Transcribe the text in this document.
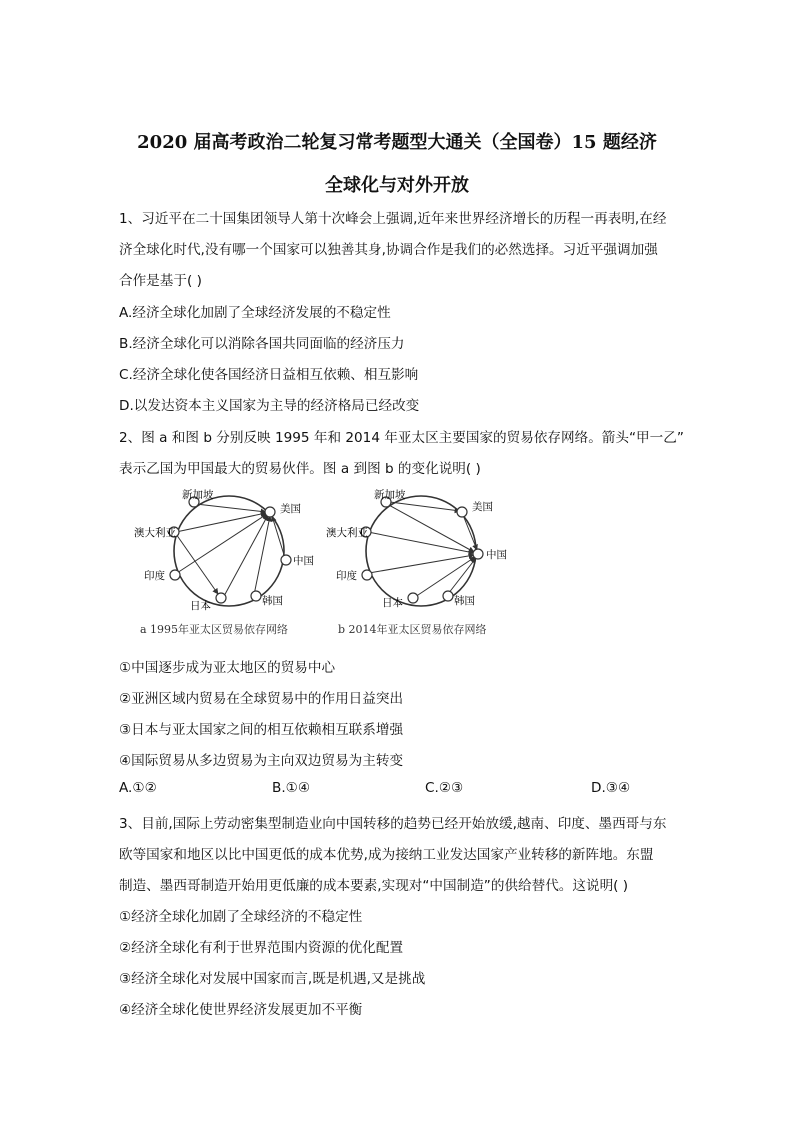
2020 届高考政治二轮复习常考题型大通关（全国卷）15 题经济
全球化与对外开放
1、习近平在二十国集团领导人第十次峰会上强调,近年来世界经济增长的历程一再表明,在经
济全球化时代,没有哪一个国家可以独善其身,协调合作是我们的必然选择。习近平强调加强
合作是基于( )
A.经济全球化加剧了全球经济发展的不稳定性
B.经济全球化可以消除各国共同面临的经济压力
C.经济全球化使各国经济日益相互依赖、相互影响
D.以发达资本主义国家为主导的经济格局已经改变
2、图 a 和图 b 分别反映 1995 年和 2014 年亚太区主要国家的贸易依存网络。箭头“甲一乙”
表示乙国为甲国最大的贸易伙伴。图 a 到图 b 的变化说明( )
新加坡
美国
澳大利亚
中国
印度
日本	韩国
新加坡
美国
澳大利亚
中国
印度
日本	韩国
a 1995年亚太区贸易依存网络	b 2014年亚太区贸易依存网络
①中国逐步成为亚太地区的贸易中心
②亚洲区域内贸易在全球贸易中的作用日益突出
③日本与亚太国家之间的相互依赖相互联系增强
④国际贸易从多边贸易为主向双边贸易为主转变
A.①②	B.①④	C.②③	D.③④
3、目前,国际上劳动密集型制造业向中国转移的趋势已经开始放缓,越南、印度、墨西哥与东
欧等国家和地区以比中国更低的成本优势,成为接纳工业发达国家产业转移的新阵地。东盟
制造、墨西哥制造开始用更低廉的成本要素,实现对“中国制造”的供给替代。这说明( )
①经济全球化加剧了全球经济的不稳定性
②经济全球化有利于世界范围内资源的优化配置
③经济全球化对发展中国家而言,既是机遇,又是挑战
④经济全球化使世界经济发展更加不平衡
